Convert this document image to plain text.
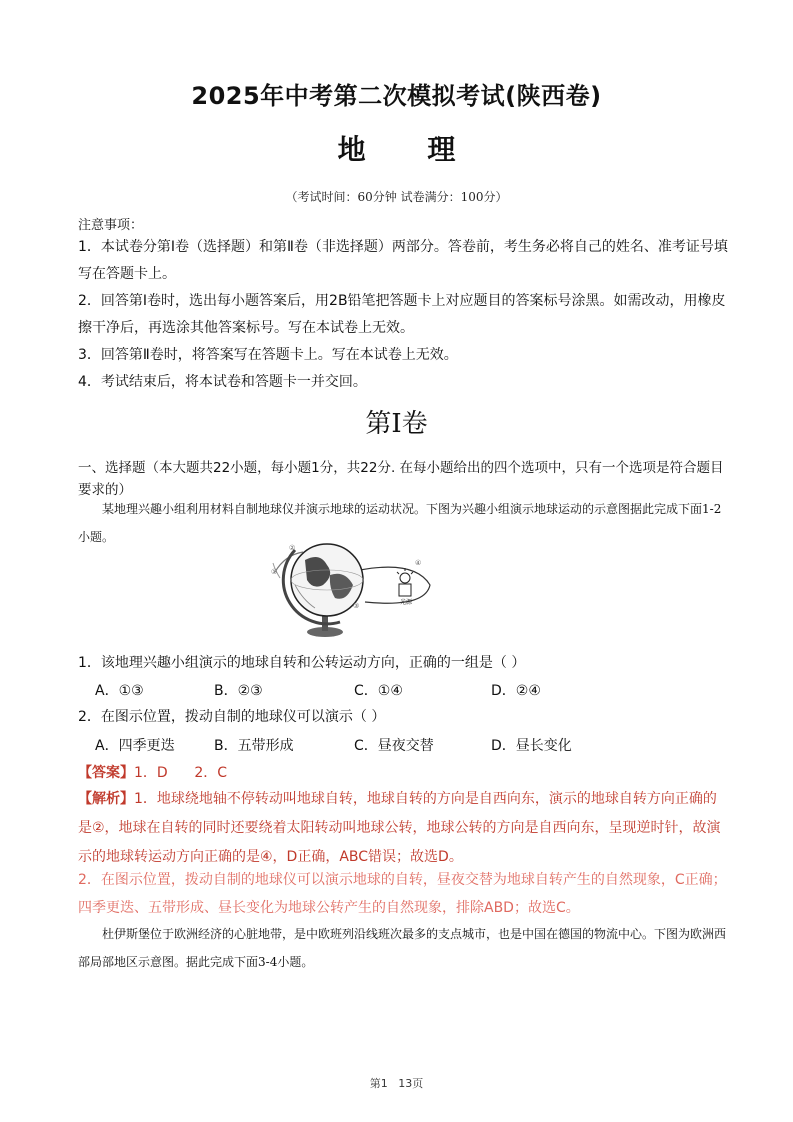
2025年中考第二次模拟考试(陕西卷)
地 理
（考试时间：60分钟 试卷满分：100分）
注意事项：
1．本试卷分第Ⅰ卷（选择题）和第Ⅱ卷（非选择题）两部分。答卷前，考生务必将自己的姓名、准考证号填写在答题卡上。
2．回答第Ⅰ卷时，选出每小题答案后，用2B铅笔把答题卡上对应题目的答案标号涂黑。如需改动，用橡皮擦干净后，再选涂其他答案标号。写在本试卷上无效。
3．回答第Ⅱ卷时，将答案写在答题卡上。写在本试卷上无效。
4．考试结束后，将本试卷和答题卡一并交回。
第Ⅰ卷
一、选择题（本大题共22小题，每小题1分，共22分. 在每小题给出的四个选项中，只有一个选项是符合题目要求的）
某地理兴趣小组利用材料自制地球仪并演示地球的运动状况。下图为兴趣小组演示地球运动的示意图据此完成下面1-2小题。
光源
①
②
③
④
1．该地理兴趣小组演示的地球自转和公转运动方向，正确的一组是（ ）
A．①③	B．②③	C．①④	D．②④
2．在图示位置，拨动自制的地球仪可以演示（ ）
A．四季更迭	B．五带形成	C．昼夜交替	D．昼长变化
【答案】1．D      2．C
【解析】1．地球绕地轴不停转动叫地球自转，地球自转的方向是自西向东，演示的地球自转方向正确的是②，地球在自转的同时还要绕着太阳转动叫地球公转，地球公转的方向是自西向东，呈现逆时针，故演示的地球转运动方向正确的是④，D正确，ABC错误；故选D。
2．在图示位置，拨动自制的地球仪可以演示地球的自转，昼夜交替为地球自转产生的自然现象，C正确；四季更迭、五带形成、昼长变化为地球公转产生的自然现象，排除ABD；故选C。
杜伊斯堡位于欧洲经济的心脏地带，是中欧班列沿线班次最多的支点城市，也是中国在德国的物流中心。下图为欧洲西部局部地区示意图。据此完成下面3-4小题。
第1   13页
